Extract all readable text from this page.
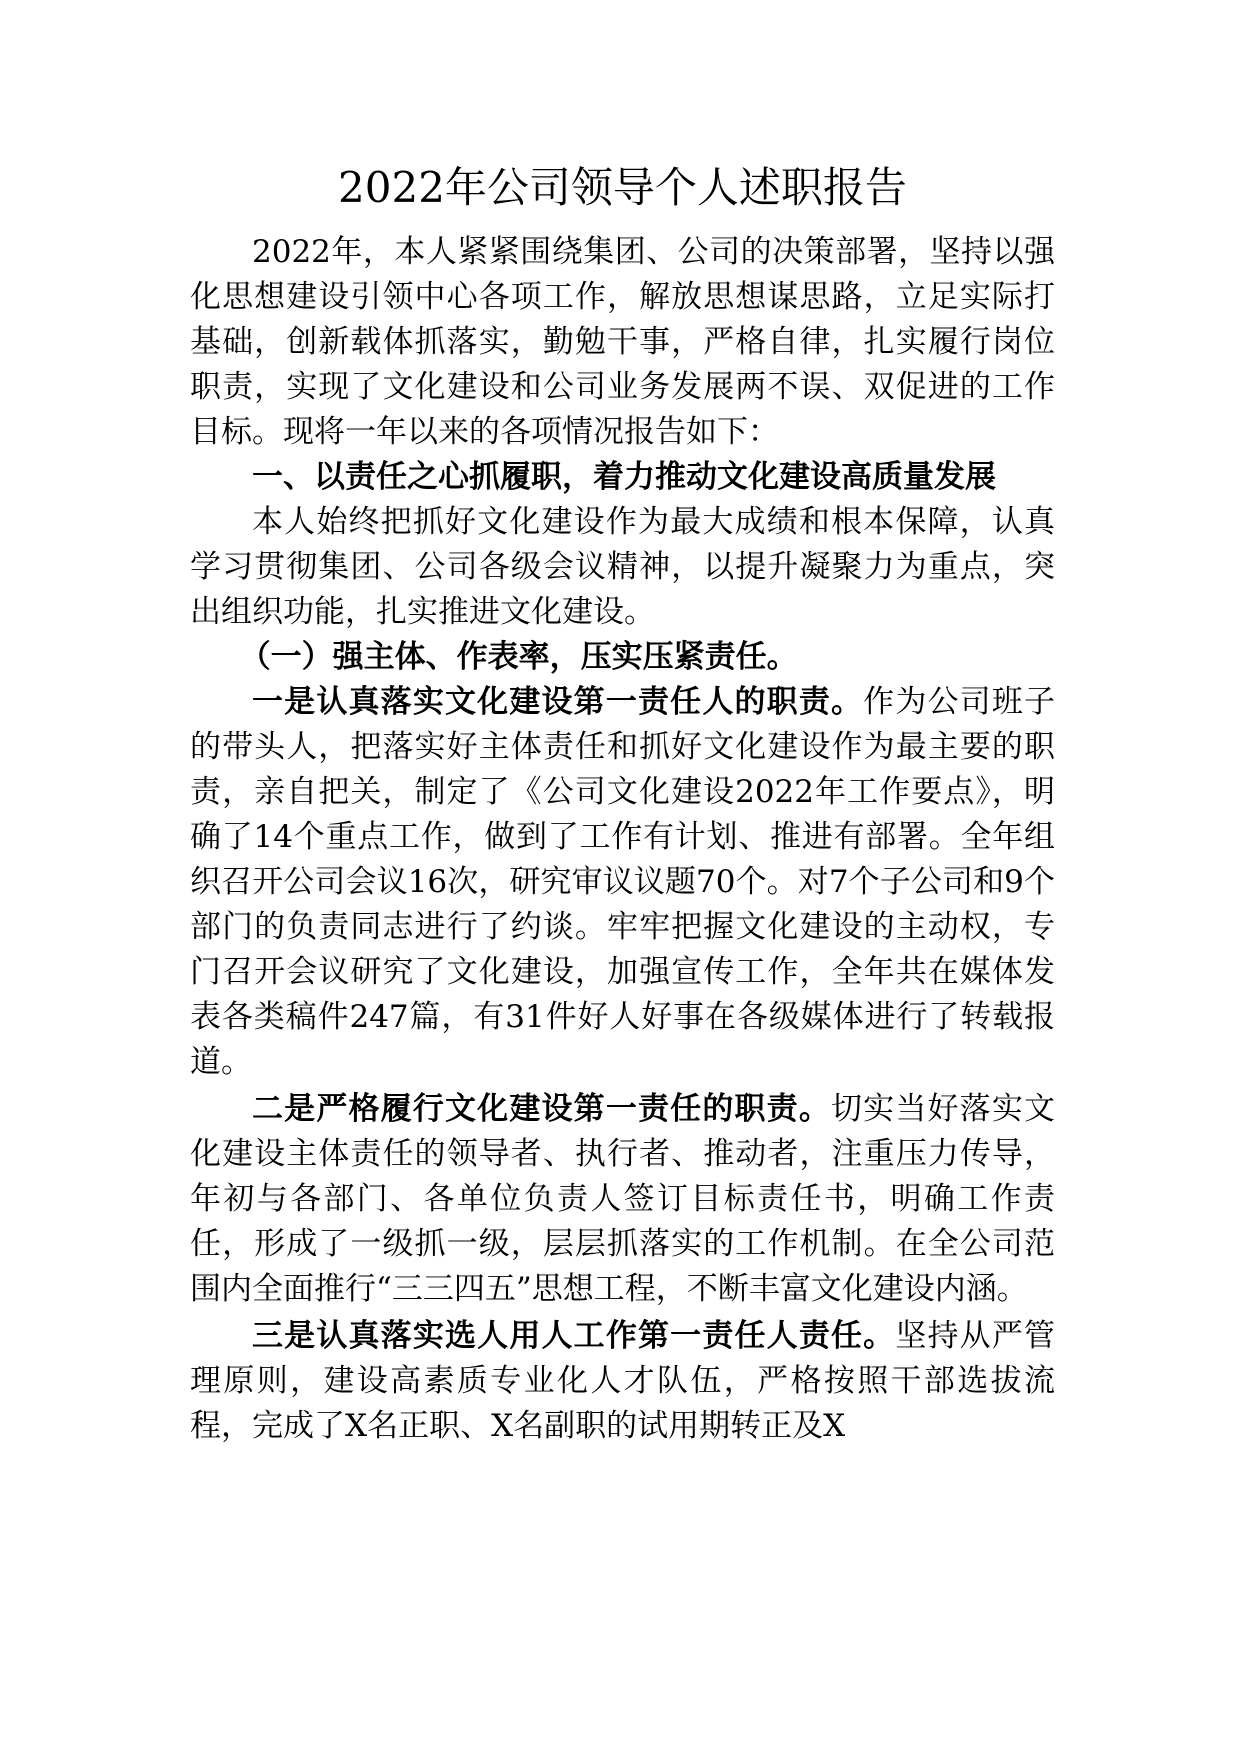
2022年公司领导个人述职报告

2022年，本人紧紧围绕集团、公司的决策部署，坚持以强化思想建设引领中心各项工作，解放思想谋思路，立足实际打基础，创新载体抓落实，勤勉干事，严格自律，扎实履行岗位职责，实现了文化建设和公司业务发展两不误、双促进的工作目标。现将一年以来的各项情况报告如下：

一、以责任之心抓履职，着力推动文化建设高质量发展

本人始终把抓好文化建设作为最大成绩和根本保障，认真学习贯彻集团、公司各级会议精神，以提升凝聚力为重点，突出组织功能，扎实推进文化建设。

（一）强主体、作表率，压实压紧责任。

一是认真落实文化建设第一责任人的职责。作为公司班子的带头人，把落实好主体责任和抓好文化建设作为最主要的职责，亲自把关，制定了《公司文化建设2022年工作要点》，明确了14个重点工作，做到了工作有计划、推进有部署。全年组织召开公司会议16次，研究审议议题70个。对7个子公司和9个部门的负责同志进行了约谈。牢牢把握文化建设的主动权，专门召开会议研究了文化建设，加强宣传工作，全年共在媒体发表各类稿件247篇，有31件好人好事在各级媒体进行了转载报道。

二是严格履行文化建设第一责任的职责。切实当好落实文化建设主体责任的领导者、执行者、推动者，注重压力传导，年初与各部门、各单位负责人签订目标责任书，明确工作责任，形成了一级抓一级，层层抓落实的工作机制。在全公司范围内全面推行“三三四五”思想工程，不断丰富文化建设内涵。

三是认真落实选人用人工作第一责任人责任。坚持从严管理原则，建设高素质专业化人才队伍，严格按照干部选拔流程，完成了X名正职、X名副职的试用期转正及X
